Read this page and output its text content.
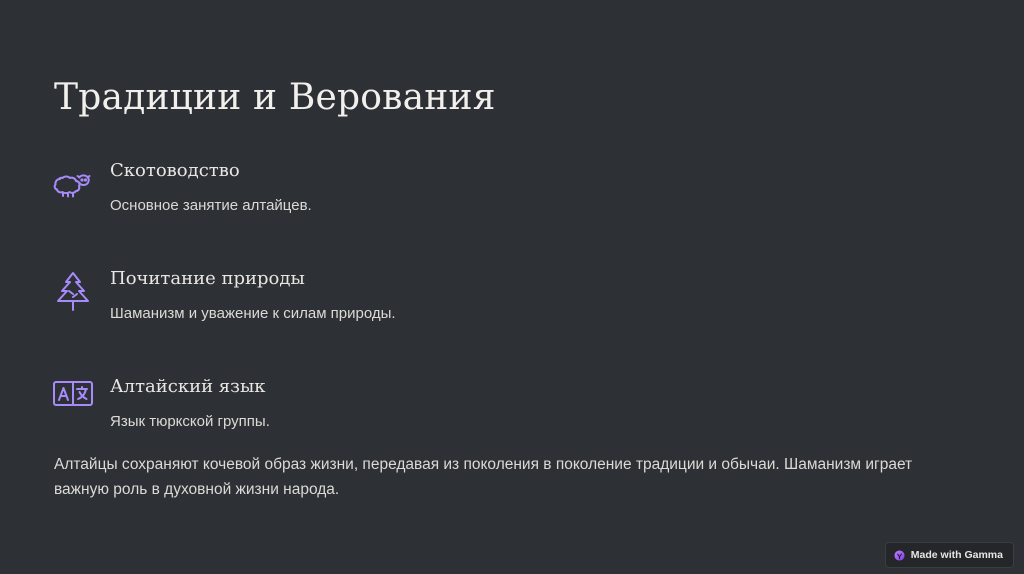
Традиции и Верования
Скотоводство
Основное занятие алтайцев.
Почитание природы
Шаманизм и уважение к силам природы.
Алтайский язык
Язык тюркской группы.

Алтайцы сохраняют кочевой образ жизни, передавая из поколения в поколение традиции и обычаи. Шаманизм играет важную роль в духовной жизни народа.

Made with Gamma
